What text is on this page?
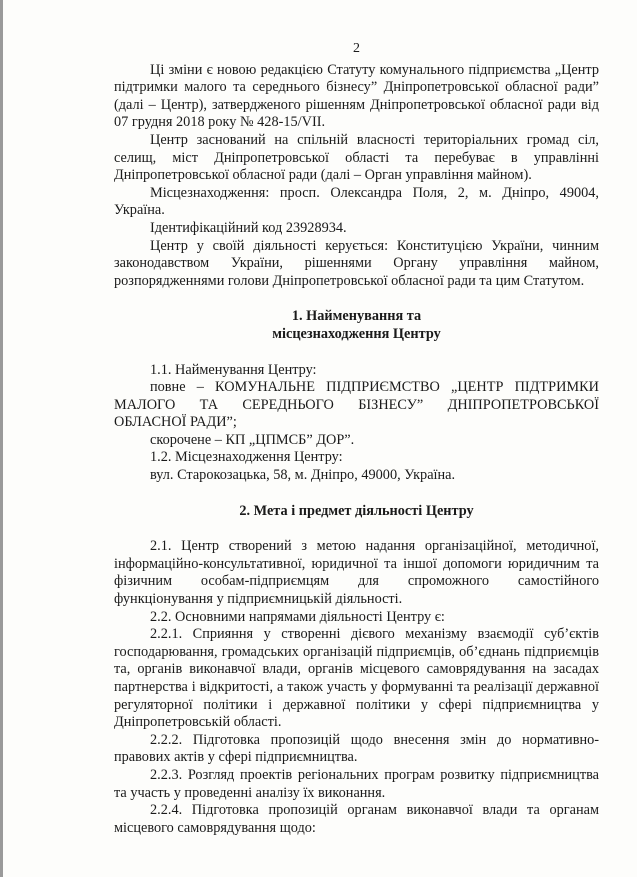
2

Ці зміни є новою редакцією Статуту комунального підприємства „Центр підтримки малого та середнього бізнесу” Дніпропетровської обласної ради” (далі – Центр), затвердженого рішенням Дніпропетровської обласної ради від 07 грудня 2018 року № 428-15/VII.

Центр заснований на спільній власності територіальних громад сіл, селищ, міст Дніпропетровської області та перебуває в управлінні Дніпропетровської обласної ради (далі – Орган управління майном).

Місцезнаходження: просп. Олександра Поля, 2, м. Дніпро, 49004, Україна.

Ідентифікаційний код 23928934.

Центр у своїй діяльності керується: Конституцією України, чинним законодавством України, рішеннями Органу управління майном, розпорядженнями голови Дніпропетровської обласної ради та цим Статутом.

1. Найменування та

місцезнаходження Центру

1.1. Найменування Центру:

повне – КОМУНАЛЬНЕ ПІДПРИЄМСТВО „ЦЕНТР ПІДТРИМКИ

МАЛОГО ТА СЕРЕДНЬОГО БІЗНЕСУ” ДНІПРОПЕТРОВСЬКОЇ

ОБЛАСНОЇ РАДИ”;

скорочене – КП „ЦПМСБ” ДОР”.

1.2. Місцезнаходження Центру:

вул. Старокозацька, 58, м. Дніпро, 49000, Україна.

2. Мета і предмет діяльності Центру

2.1. Центр створений з метою надання організаційної, методичної, інформаційно-консультативної, юридичної та іншої допомоги юридичним та фізичним особам-підприємцям для спроможного самостійного функціонування у підприємницькій діяльності.

2.2. Основними напрямами діяльності Центру є:

2.2.1. Сприяння у створенні дієвого механізму взаємодії суб’єктів господарювання, громадських організацій підприємців, об’єднань підприємців та, органів виконавчої влади, органів місцевого самоврядування на засадах партнерства і відкритості, а також участь у формуванні та реалізації державної регуляторної політики і державної політики у сфері підприємництва у Дніпропетровській області.

2.2.2. Підготовка пропозицій щодо внесення змін до нормативно-правових актів у сфері підприємництва.

2.2.3. Розгляд проектів регіональних програм розвитку підприємництва та участь у проведенні аналізу їх виконання.

2.2.4. Підготовка пропозицій органам виконавчої влади та органам місцевого самоврядування щодо:
